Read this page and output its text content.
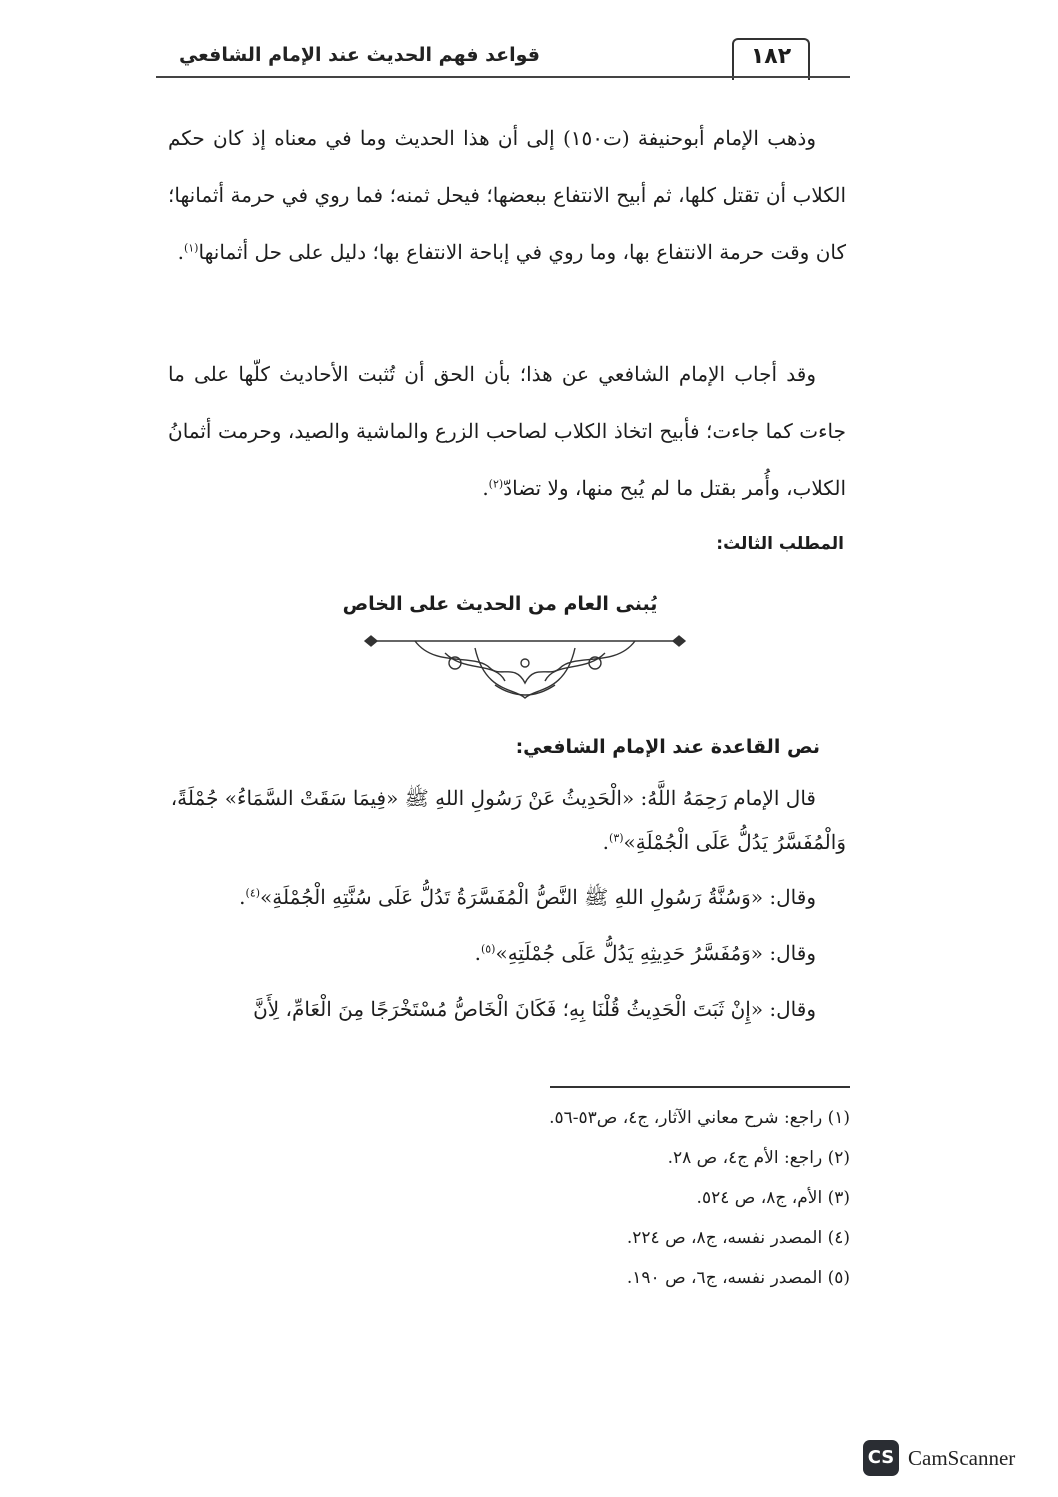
قواعد فهم الحديث عند الإمام الشافعي	١٨٢

وذهب الإمام أبوحنيفة (ت١٥٠) إلى أن هذا الحديث وما في معناه إذ كان حكم الكلاب أن تقتل كلها، ثم أبيح الانتفاع ببعضها؛ فيحل ثمنه؛ فما روي في حرمة أثمانها؛ كان وقت حرمة الانتفاع بها، وما روي في إباحة الانتفاع بها؛ دليل على حل أثمانها$^{(١)}$.

وقد أجاب الإمام الشافعي عن هذا؛ بأن الحق أن تُثبت الأحاديث كلّها على ما جاءت كما جاءت؛ فأبيح اتخاذ الكلاب لصاحب الزرع والماشية والصيد، وحرمت أثمانُ الكلاب، وأُمر بقتل ما لم يُبح منها، ولا تضادّ$^{(٢)}$.

المطلب الثالث:
يُبنى العام من الحديث على الخاص
نص القاعدة عند الإمام الشافعي:

قال الإمام رَحِمَهُ اللَّهُ: «الْحَدِيثُ عَنْ رَسُولِ اللهِ ﷺ «فِيمَا سَقَتْ السَّمَاءُ» جُمْلَةً، وَالْمُفَسَّرُ يَدُلُّ عَلَى الْجُمْلَةِ»$^{(٣)}$.

وقال: «وَسُنَّةُ رَسُولِ اللهِ ﷺ النَّصُّ الْمُفَسَّرَةُ تَدُلُّ عَلَى سُنَّتِهِ الْجُمْلَةِ»$^{(٤)}$.

وقال: «وَمُفَسَّرُ حَدِيثِهِ يَدُلُّ عَلَى جُمْلَتِهِ»$^{(٥)}$.

وقال: «إِنْ ثَبَتَ الْحَدِيثُ قُلْنَا بِهِ؛ فَكَانَ الْخَاصُّ مُسْتَخْرَجًا مِنَ الْعَامِّ، لِأَنَّ

(١) راجع: شرح معاني الآثار، ج٤، ص٥٣-٥٦.
(٢) راجع: الأم ج٤، ص ٢٨.
(٣) الأم، ج٨، ص ٥٢٤.
(٤) المصدر نفسه، ج٨، ص ٢٢٤.
(٥) المصدر نفسه، ج٦، ص ١٩٠.
CS CamScanner
